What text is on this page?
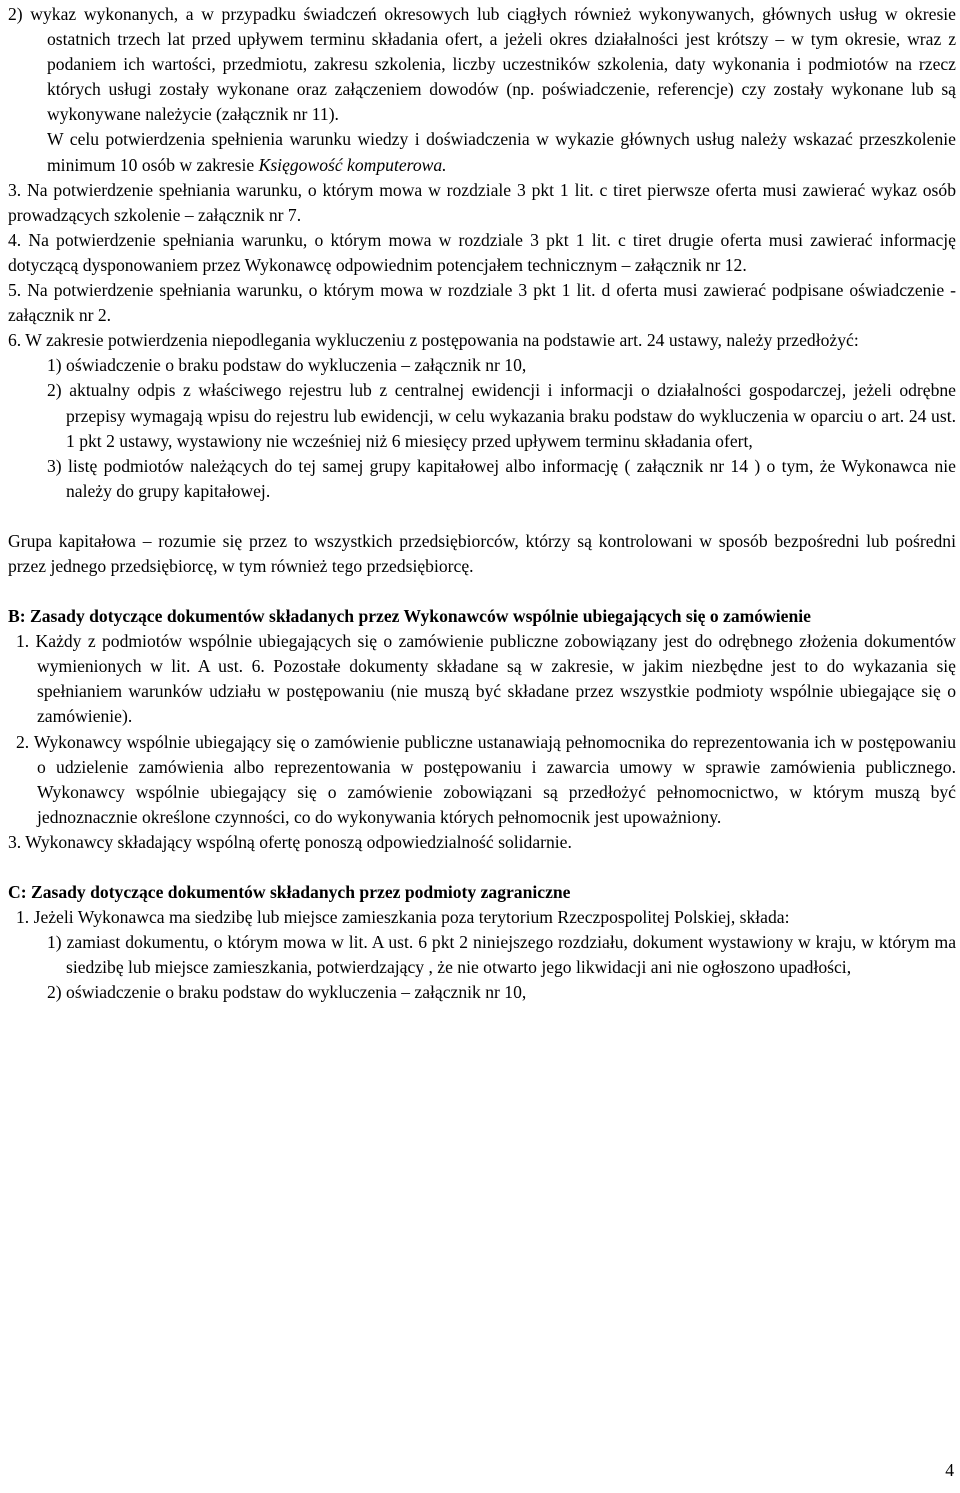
2) wykaz wykonanych, a w przypadku świadczeń okresowych lub ciągłych również wykonywanych, głównych usług w okresie ostatnich trzech lat przed upływem terminu składania ofert, a jeżeli okres działalności jest krótszy – w tym okresie, wraz z podaniem ich wartości, przedmiotu, zakresu szkolenia, liczby uczestników szkolenia, daty wykonania i podmiotów na rzecz których usługi zostały wykonane oraz załączeniem dowodów (np. poświadczenie, referencje) czy zostały wykonane lub są wykonywane należycie (załącznik nr 11).

W celu potwierdzenia spełnienia warunku wiedzy i doświadczenia w wykazie głównych usług należy wskazać przeszkolenie minimum 10 osób w zakresie Księgowość komputerowa.

3. Na potwierdzenie spełniania warunku, o którym mowa w rozdziale 3 pkt 1 lit. c tiret pierwsze oferta musi zawierać wykaz osób prowadzących szkolenie – załącznik nr 7.

4. Na potwierdzenie spełniania warunku, o którym mowa w rozdziale 3 pkt 1 lit. c tiret drugie oferta musi zawierać informację dotyczącą dysponowaniem przez Wykonawcę odpowiednim potencjałem technicznym – załącznik nr 12.

5. Na potwierdzenie spełniania warunku, o którym mowa w rozdziale 3 pkt 1 lit. d oferta musi zawierać podpisane oświadczenie - załącznik nr 2.

6. W zakresie potwierdzenia niepodlegania wykluczeniu z postępowania na podstawie art. 24 ustawy, należy przedłożyć:

1) oświadczenie o braku podstaw do wykluczenia – załącznik nr 10,

2) aktualny odpis z właściwego rejestru lub z centralnej ewidencji i informacji o działalności gospodarczej, jeżeli odrębne przepisy wymagają wpisu do rejestru lub ewidencji, w celu wykazania braku podstaw do wykluczenia w oparciu o art. 24 ust. 1 pkt 2 ustawy, wystawiony nie wcześniej niż 6 miesięcy przed upływem terminu składania ofert,

3) listę podmiotów należących do tej samej grupy kapitałowej albo informację ( załącznik nr 14 ) o tym, że Wykonawca nie należy do grupy kapitałowej.

Grupa kapitałowa – rozumie się przez to wszystkich przedsiębiorców, którzy są kontrolowani w sposób bezpośredni lub pośredni przez jednego przedsiębiorcę, w tym również tego przedsiębiorcę.

B: Zasady dotyczące dokumentów składanych przez Wykonawców wspólnie ubiegających się o zamówienie

1. Każdy z podmiotów wspólnie ubiegających się o zamówienie publiczne zobowiązany jest do odrębnego złożenia dokumentów wymienionych w lit. A ust. 6. Pozostałe dokumenty składane są w zakresie, w jakim niezbędne jest to do wykazania się spełnianiem warunków udziału w postępowaniu (nie muszą być składane przez wszystkie podmioty wspólnie ubiegające się o zamówienie).

2. Wykonawcy wspólnie ubiegający się o zamówienie publiczne ustanawiają pełnomocnika do reprezentowania ich w postępowaniu o udzielenie zamówienia albo reprezentowania w postępowaniu i zawarcia umowy w sprawie zamówienia publicznego. Wykonawcy wspólnie ubiegający się o zamówienie zobowiązani są przedłożyć pełnomocnictwo, w którym muszą być jednoznacznie określone czynności, co do wykonywania których pełnomocnik jest upoważniony.

3. Wykonawcy składający wspólną ofertę ponoszą odpowiedzialność solidarnie.

C: Zasady dotyczące dokumentów składanych przez podmioty zagraniczne

1. Jeżeli Wykonawca ma siedzibę lub miejsce zamieszkania poza terytorium Rzeczpospolitej Polskiej, składa:

1) zamiast dokumentu, o którym mowa w lit. A ust. 6 pkt 2 niniejszego rozdziału, dokument wystawiony w kraju, w którym ma siedzibę lub miejsce zamieszkania, potwierdzający , że nie otwarto jego likwidacji ani nie ogłoszono upadłości,

2) oświadczenie o braku podstaw do wykluczenia – załącznik nr 10,

4
